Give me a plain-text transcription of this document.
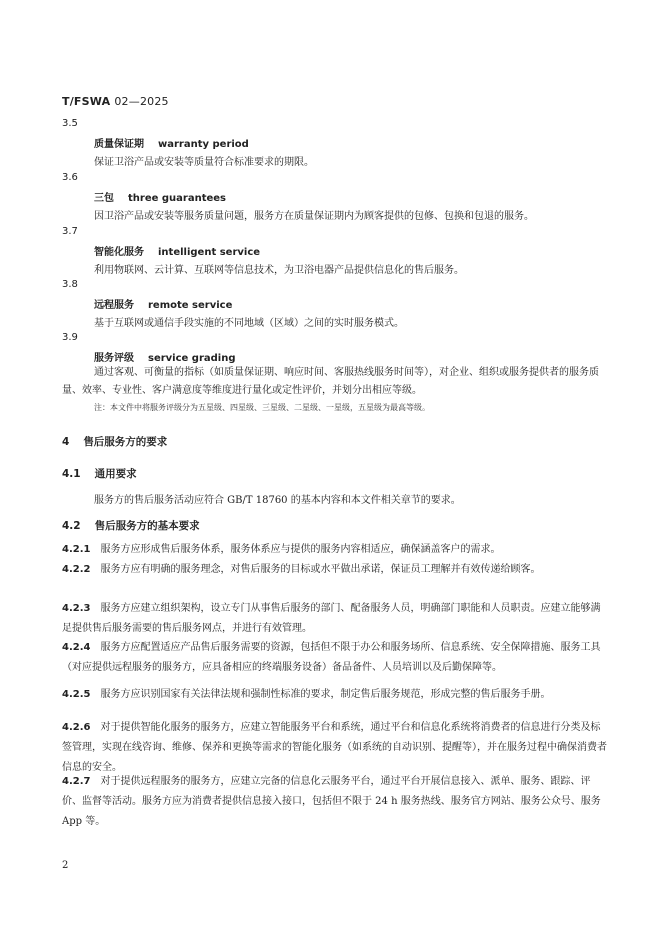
T/FSWA 02—2025
3.5
质量保证期 warranty period
保证卫浴产品或安装等质量符合标准要求的期限。
3.6
三包 three guarantees
因卫浴产品或安装等服务质量问题，服务方在质量保证期内为顾客提供的包修、包换和包退的服务。
3.7
智能化服务 intelligent service
利用物联网、云计算、互联网等信息技术，为卫浴电器产品提供信息化的售后服务。
3.8
远程服务 remote service
基于互联网或通信手段实施的不同地域（区域）之间的实时服务模式。
3.9
服务评级 service grading
通过客观、可衡量的指标（如质量保证期、响应时间、客服热线服务时间等），对企业、组织或服务提供者的服务质量、效率、专业性、客户满意度等维度进行量化或定性评价，并划分出相应等级。
注：本文件中将服务评级分为五星级、四星级、三星级、二星级、一星级，五星级为最高等级。
4 售后服务方的要求
4.1 通用要求
服务方的售后服务活动应符合 GB/T 18760 的基本内容和本文件相关章节的要求。
4.2 售后服务方的基本要求
4.2.1 服务方应形成售后服务体系，服务体系应与提供的服务内容相适应，确保涵盖客户的需求。
4.2.2 服务方应有明确的服务理念，对售后服务的目标或水平做出承诺，保证员工理解并有效传递给顾客。
4.2.3 服务方应建立组织架构，设立专门从事售后服务的部门、配备服务人员，明确部门职能和人员职责。应建立能够满足提供售后服务需要的售后服务网点，并进行有效管理。
4.2.4 服务方应配置适应产品售后服务需要的资源，包括但不限于办公和服务场所、信息系统、安全保障措施、服务工具（对应提供远程服务的服务方，应具备相应的终端服务设备）备品备件、人员培训以及后勤保障等。
4.2.5 服务方应识别国家有关法律法规和强制性标准的要求，制定售后服务规范，形成完整的售后服务手册。
4.2.6 对于提供智能化服务的服务方，应建立智能服务平台和系统，通过平台和信息化系统将消费者的信息进行分类及标签管理，实现在线咨询、维修、保养和更换等需求的智能化服务（如系统的自动识别、提醒等），并在服务过程中确保消费者信息的安全。
4.2.7 对于提供远程服务的服务方，应建立完备的信息化云服务平台，通过平台开展信息接入、派单、服务、跟踪、评价、监督等活动。服务方应为消费者提供信息接入接口，包括但不限于 24 h 服务热线、服务官方网站、服务公众号、服务 App 等。
2
